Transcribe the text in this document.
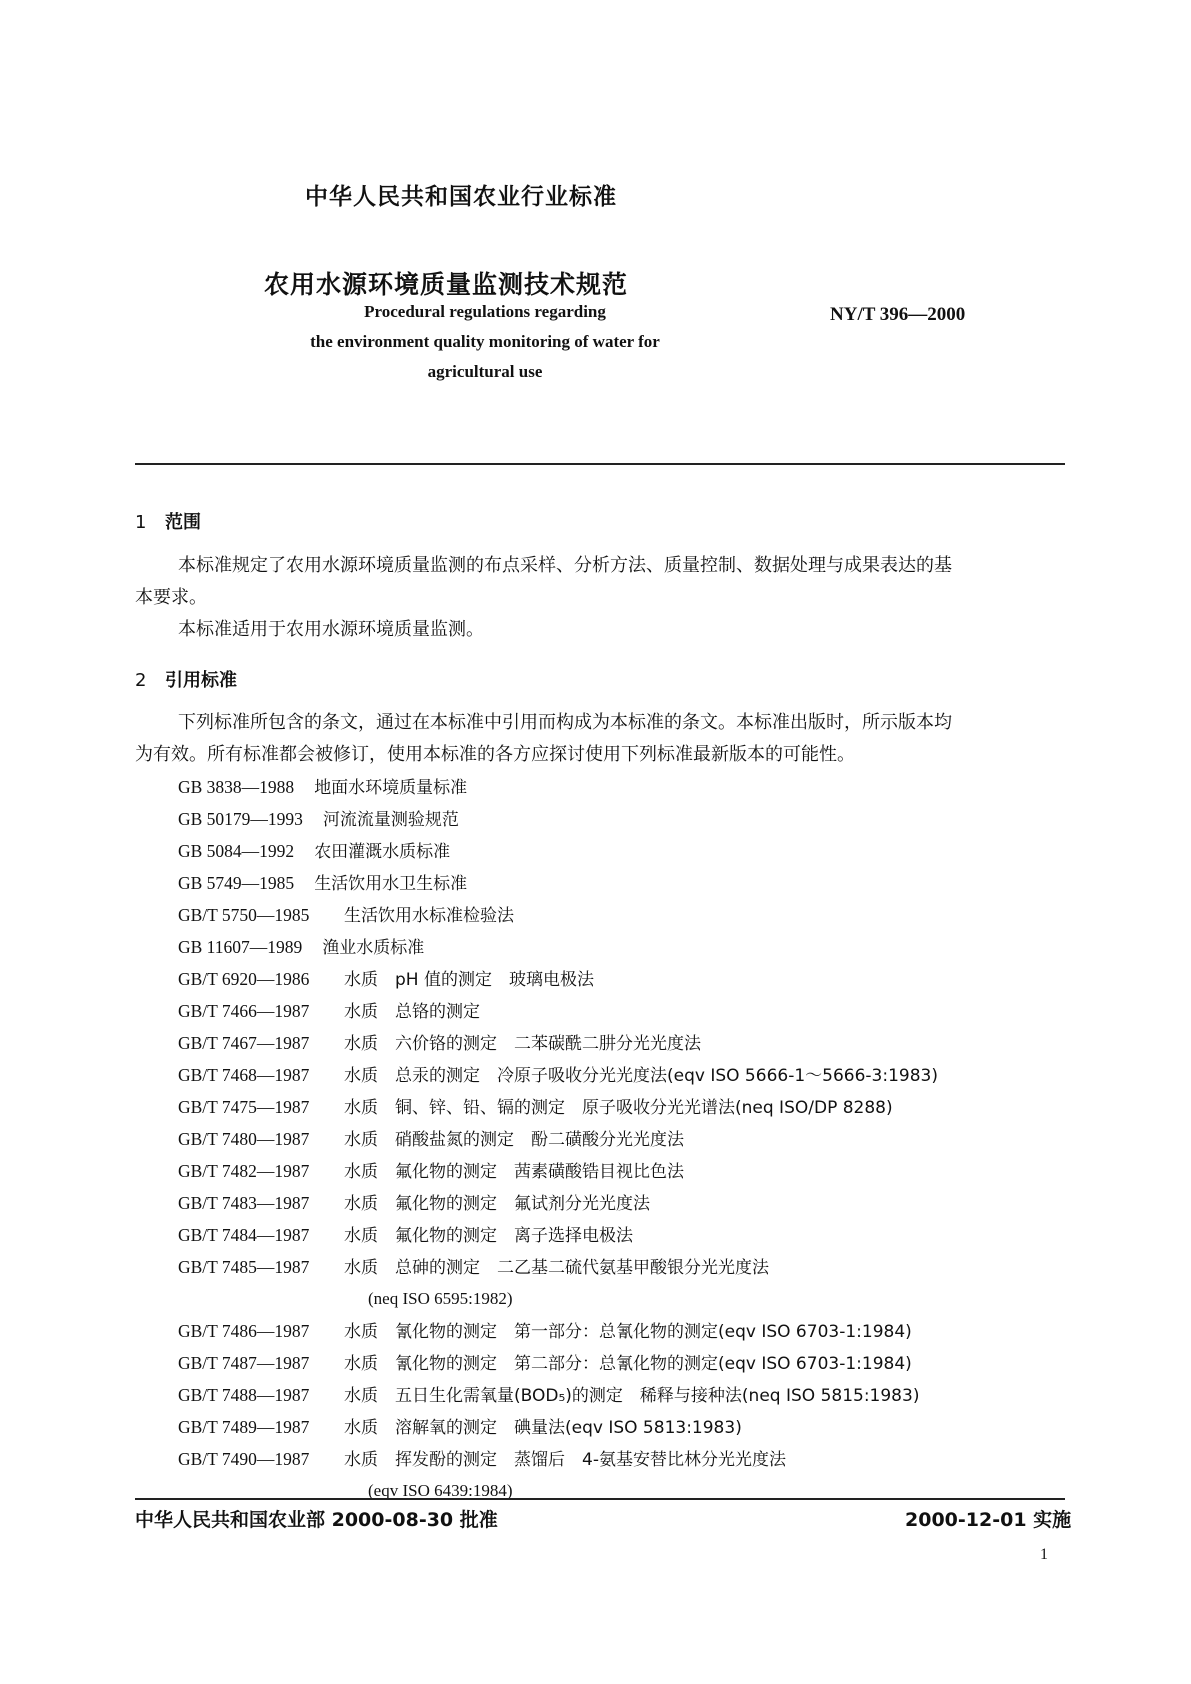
中华人民共和国农业行业标准
农用水源环境质量监测技术规范
NY/T 396—2000
Procedural regulations regarding
the environment quality monitoring of water for
agricultural use
1 范围
本标准规定了农用水源环境质量监测的布点采样、分析方法、质量控制、数据处理与成果表达的基
本要求。
本标准适用于农用水源环境质量监测。
2 引用标准
下列标准所包含的条文，通过在本标准中引用而构成为本标准的条文。本标准出版时，所示版本均
为有效。所有标准都会被修订，使用本标准的各方应探讨使用下列标准最新版本的可能性。
GB 3838—1988 地面水环境质量标准
GB 50179—1993 河流流量测验规范
GB 5084—1992 农田灌溉水质标准
GB 5749—1985 生活饮用水卫生标准
GB/T 5750—1985 生活饮用水标准检验法
GB 11607—1989 渔业水质标准
GB/T 6920—1986 水质　pH 值的测定　玻璃电极法
GB/T 7466—1987 水质　总铬的测定
GB/T 7467—1987 水质　六价铬的测定　二苯碳酰二肼分光光度法
GB/T 7468—1987 水质　总汞的测定　冷原子吸收分光光度法(eqv ISO 5666-1～5666-3:1983)
GB/T 7475—1987 水质　铜、锌、铅、镉的测定　原子吸收分光光谱法(neq ISO/DP 8288)
GB/T 7480—1987 水质　硝酸盐氮的测定　酚二磺酸分光光度法
GB/T 7482—1987 水质　氟化物的测定　茜素磺酸锆目视比色法
GB/T 7483—1987 水质　氟化物的测定　氟试剂分光光度法
GB/T 7484—1987 水质　氟化物的测定　离子选择电极法
GB/T 7485—1987 水质　总砷的测定　二乙基二硫代氨基甲酸银分光光度法
(neq ISO 6595:1982)
GB/T 7486—1987 水质　氰化物的测定　第一部分：总氰化物的测定(eqv ISO 6703-1:1984)
GB/T 7487—1987 水质　氰化物的测定　第二部分：总氰化物的测定(eqv ISO 6703-1:1984)
GB/T 7488—1987 水质　五日生化需氧量(BOD₅)的测定　稀释与接种法(neq ISO 5815:1983)
GB/T 7489—1987 水质　溶解氧的测定　碘量法(eqv ISO 5813:1983)
GB/T 7490—1987 水质　挥发酚的测定　蒸馏后　4-氨基安替比林分光光度法
(eqv ISO 6439:1984)
中华人民共和国农业部 2000-08-30 批准	2000-12-01 实施
1
